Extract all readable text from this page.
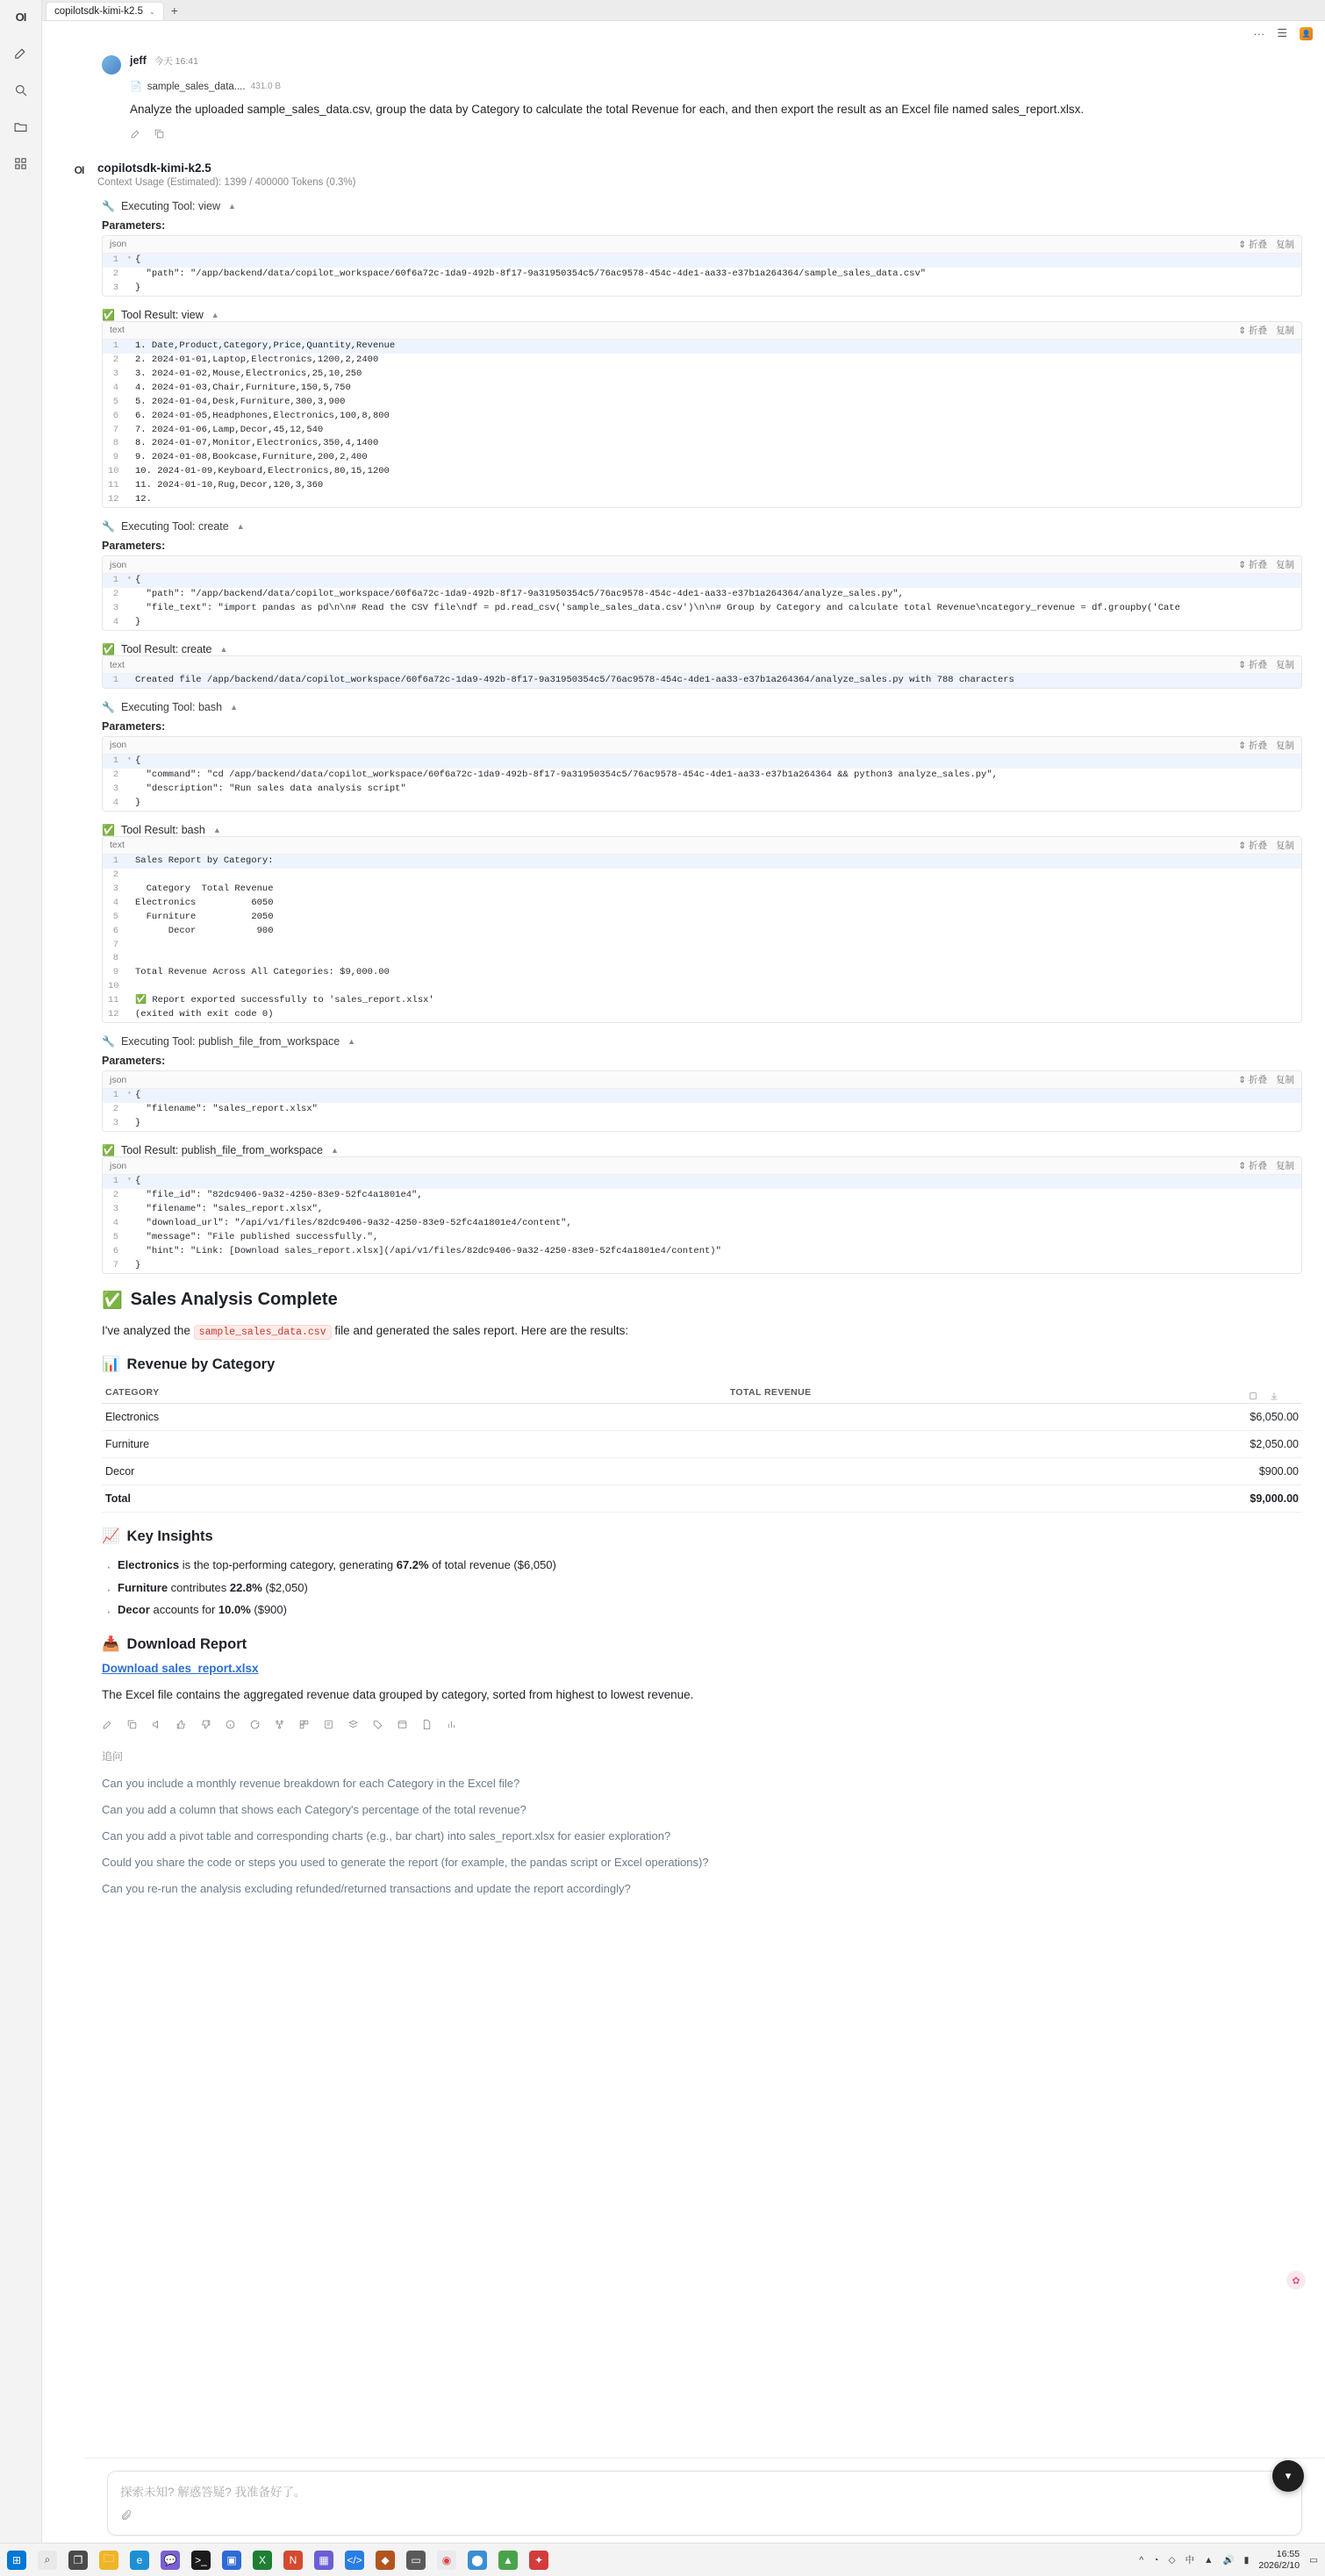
OI	copilotsdk-kimi-k2.5 ⌄	+
··· ☰	👤
jeff 今天 16:41
📄 sample_sales_data.... 431.0 B
Analyze the uploaded sample_sales_data.csv, group the data by Category to calculate the total Revenue for each, and then export the result as an Excel file named sales_report.xlsx.
OI	copilotsdk-kimi-k2.5
Context Usage (Estimated): 1399 / 400000 Tokens (0.3%)
🔧 Executing Tool: view ▲
Parameters:
json	⇕ 折叠 复制
1	▾ {
2	"path": "/app/backend/data/copilot_workspace/60f6a72c-1da9-492b-8f17-9a31950354c5/76ac9578-454c-4de1-aa33-e37b1a264364/sample_sales_data.csv"
3	}
✅ Tool Result: view ▲
text	⇕ 折叠 复制
1	1. Date,Product,Category,Price,Quantity,Revenue
2	2. 2024-01-01,Laptop,Electronics,1200,2,2400
3	3. 2024-01-02,Mouse,Electronics,25,10,250
4	4. 2024-01-03,Chair,Furniture,150,5,750
5	5. 2024-01-04,Desk,Furniture,300,3,900
6	6. 2024-01-05,Headphones,Electronics,100,8,800
7	7. 2024-01-06,Lamp,Decor,45,12,540
8	8. 2024-01-07,Monitor,Electronics,350,4,1400
9	9. 2024-01-08,Bookcase,Furniture,200,2,400
10	10. 2024-01-09,Keyboard,Electronics,80,15,1200
11	11. 2024-01-10,Rug,Decor,120,3,360
12	12.
🔧 Executing Tool: create ▲
Parameters:
json	⇕ 折叠 复制
1	▾ {
2	"path": "/app/backend/data/copilot_workspace/60f6a72c-1da9-492b-8f17-9a31950354c5/76ac9578-454c-4de1-aa33-e37b1a264364/analyze_sales.py",
3	"file_text": "import pandas as pd\n\n# Read the CSV file\ndf = pd.read_csv('sample_sales_data.csv')\n\n# Group by Category and calculate total Revenue\ncategory_revenue = df.groupby('Cate
4	}
✅ Tool Result: create ▲
text	⇕ 折叠 复制
1	Created file /app/backend/data/copilot_workspace/60f6a72c-1da9-492b-8f17-9a31950354c5/76ac9578-454c-4de1-aa33-e37b1a264364/analyze_sales.py with 788 characters
🔧 Executing Tool: bash ▲
Parameters:
json	⇕ 折叠 复制
1	▾ {
2	"command": "cd /app/backend/data/copilot_workspace/60f6a72c-1da9-492b-8f17-9a31950354c5/76ac9578-454c-4de1-aa33-e37b1a264364 && python3 analyze_sales.py",
3	"description": "Run sales data analysis script"
4	}
✅ Tool Result: bash ▲
text	⇕ 折叠 复制
1	Sales Report by Category:
2
3	Category  Total Revenue
4	Electronics          6050
5	Furniture          2050
6	Decor           900
7
8
9	Total Revenue Across All Categories: $9,000.00
10
11	✅ Report exported successfully to 'sales_report.xlsx'
12	(exited with exit code 0)
🔧 Executing Tool: publish_file_from_workspace ▲
Parameters:
json	⇕ 折叠 复制
1	▾ {
2	"filename": "sales_report.xlsx"
3	}
✅ Tool Result: publish_file_from_workspace ▲
json	⇕ 折叠 复制
1	▾ {
2	"file_id": "82dc9406-9a32-4250-83e9-52fc4a1801e4",
3	"filename": "sales_report.xlsx",
4	"download_url": "/api/v1/files/82dc9406-9a32-4250-83e9-52fc4a1801e4/content",
5	"message": "File published successfully.",
6	"hint": "Link: [Download sales_report.xlsx](/api/v1/files/82dc9406-9a32-4250-83e9-52fc4a1801e4/content)"
7	}
✅ Sales Analysis Complete
I've analyzed the sample_sales_data.csv file and generated the sales report. Here are the results:
📊 Revenue by Category
CATEGORY	TOTAL REVENUE
Electronics	$6,050.00
Furniture	$2,050.00
Decor	$900.00
Total	$9,000.00
📈 Key Insights
· Electronics is the top-performing category, generating 67.2% of total revenue ($6,050)
· Furniture contributes 22.8% ($2,050)
· Decor accounts for 10.0% ($900)
📥 Download Report
Download sales_report.xlsx
The Excel file contains the aggregated revenue data grouped by category, sorted from highest to lowest revenue.
追问
Can you include a monthly revenue breakdown for each Category in the Excel file?
Can you add a column that shows each Category's percentage of the total revenue?
Can you add a pivot table and corresponding charts (e.g., bar chart) into sales_report.xlsx for easier exploration?
Could you share the code or steps you used to generate the report (for example, the pandas script or Excel operations)?
Can you re-run the analysis excluding refunded/returned transactions and update the report accordingly?
✿
探索未知? 解惑答疑? 我准备好了。
▾
⊞	⌕	❐	🗀	e	💬	>_	▣	X	N	▦	</>	◆	▭	◉	⬤	▲	✦	^ ◔ ◇ 中 ▲ 🔊 ▮
16:55
2026/2/10 ▭
